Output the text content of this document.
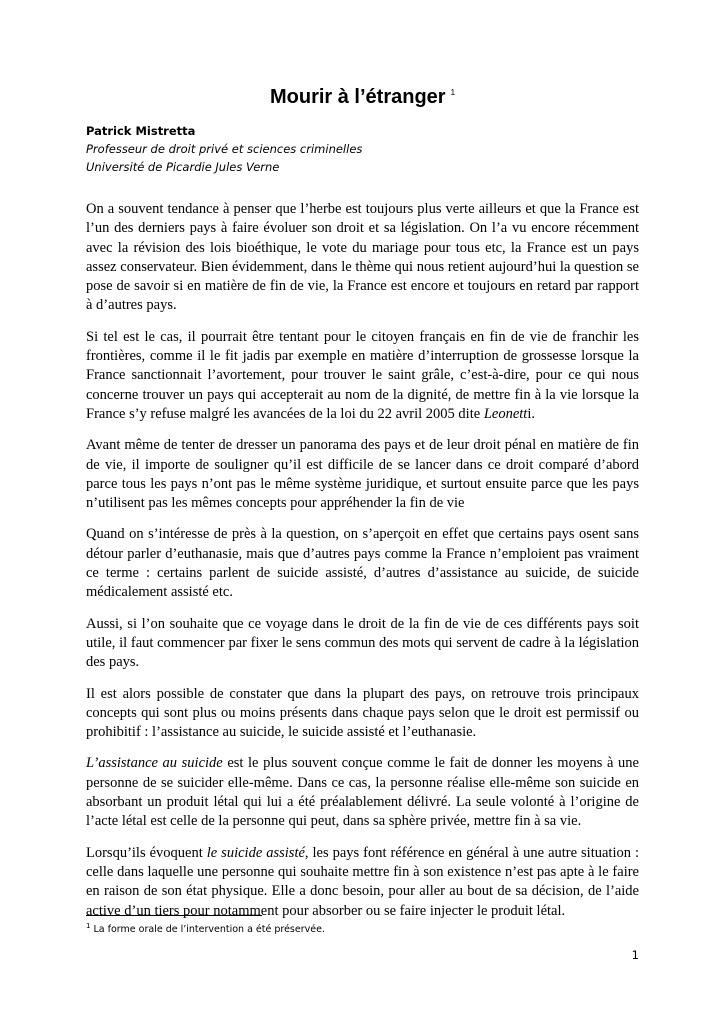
Mourir à l’étranger $^1$
Patrick Mistretta
Professeur de droit privé et sciences criminelles
Université de Picardie Jules Verne

On a souvent tendance à penser que l’herbe est toujours plus verte ailleurs et que la France est l’un des derniers pays à faire évoluer son droit et sa législation. On l’a vu encore récemment avec la révision des lois bioéthique, le vote du mariage pour tous etc, la France est un pays assez conservateur. Bien évidemment, dans le thème qui nous retient aujourd’hui la question se pose de savoir si en matière de fin de vie, la France est encore et toujours en retard par rapport à d’autres pays.

Si tel est le cas, il pourrait être tentant pour le citoyen français en fin de vie de franchir les frontières, comme il le fit jadis par exemple en matière d’interruption de grossesse lorsque la France sanctionnait l’avortement, pour trouver le saint grâle, c’est-à-dire, pour ce qui nous concerne trouver un pays qui accepterait au nom de la dignité, de mettre fin à la vie lorsque la France s’y refuse malgré les avancées de la loi du 22 avril 2005 dite Leonetti.

Avant même de tenter de dresser un panorama des pays et de leur droit pénal en matière de fin de vie, il importe de souligner qu’il est difficile de se lancer dans ce droit comparé d’abord parce tous les pays n’ont pas le même système juridique, et surtout ensuite parce que les pays n’utilisent pas les mêmes concepts pour appréhender la fin de vie

Quand on s’intéresse de près à la question, on s’aperçoit en effet que certains pays osent sans détour parler d’euthanasie, mais que d’autres pays comme la France n’emploient pas vraiment ce terme : certains parlent de suicide assisté, d’autres d’assistance au suicide, de suicide médicalement assisté etc.

Aussi, si l’on souhaite que ce voyage dans le droit de la fin de vie de ces différents pays soit utile, il faut commencer par fixer le sens commun des mots qui servent de cadre à la législation des pays.

Il est alors possible de constater que dans la plupart des pays, on retrouve trois principaux concepts qui sont plus ou moins présents dans chaque pays selon que le droit est permissif ou prohibitif : l’assistance au suicide, le suicide assisté et l’euthanasie.

L’assistance au suicide est le plus souvent conçue comme le fait de donner les moyens à une personne de se suicider elle-même. Dans ce cas, la personne réalise elle-même son suicide en absorbant un produit létal qui lui a été préalablement délivré. La seule volonté à l’origine de l’acte létal est celle de la personne qui peut, dans sa sphère privée, mettre fin à sa vie.

Lorsqu’ils évoquent le suicide assisté, les pays font référence en général à une autre situation : celle dans laquelle une personne qui souhaite mettre fin à son existence n’est pas apte à le faire en raison de son état physique. Elle a donc besoin, pour aller au bout de sa décision, de l’aide active d’un tiers pour notamment pour absorber ou se faire injecter le produit létal.

$^1$ La forme orale de l’intervention a été préservée.
1
